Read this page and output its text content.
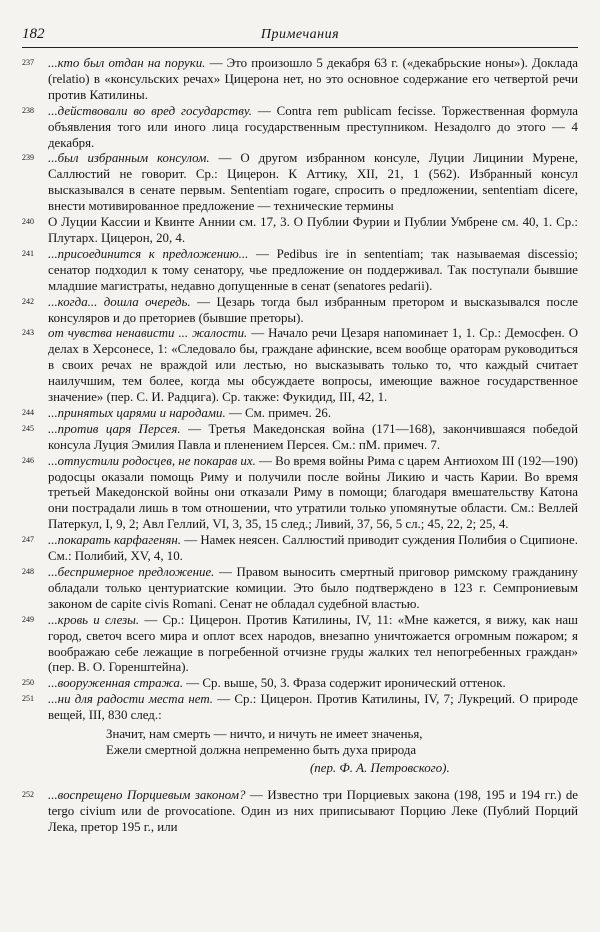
182	Примечания
237	...кто был отдан на поруки. — Это произошло 5 декабря 63 г. («декабрьские ноны»). Доклада (relatio) в «консульских речах» Цицерона нет, но это основное содержание его четвертой речи против Катилины.

238	...действовали во вред государству. — Contra rem publicam fecisse. Торжественная формула объявления того или иного лица государственным преступником. Незадолго до этого — 4 декабря.

239	...был избранным консулом. — О другом избранном консуле, Луции Лицинии Мурене, Саллюстий не говорит. Ср.: Цицерон. К Аттику, XII, 21, 1 (562). Избранный консул высказывался в сенате первым. Sententiam rogare, спросить о предложении, sententiam dicere, внести мотивированное предложение — технические термины

240	О Луции Кассии и Квинте Аннии см. 17, 3. О Публии Фурии и Публии Умбрене см. 40, 1. Ср.: Плутарх. Цицерон, 20, 4.

241	...присоединится к предложению... — Pedibus ire in sententiam; так называемая discessio; сенатор подходил к тому сенатору, чье предложение он поддерживал. Так поступали бывшие младшие магистраты, недавно допущенные в сенат (senatores pedarii).

242	...когда... дошла очередь. — Цезарь тогда был избранным претором и высказывался после консуляров и до преториев (бывшие преторы).

243	от чувства ненависти ... жалости. — Начало речи Цезаря напоминает 1, 1. Ср.: Демосфен. О делах в Херсонесе, 1: «Следовало бы, граждане афинские, всем вообще ораторам руководиться в своих речах не враждой или лестью, но высказывать только то, что каждый считает наилучшим, тем более, когда мы обсуждаете вопросы, имеющие важное государственное значение» (пер. С. И. Радцига). Ср. также: Фукидид, III, 42, 1.

244	...принятых царями и народами. — См. примеч. 26.

245	...против царя Персея. — Третья Македонская война (171—168), закончившаяся победой консула Луция Эмилия Павла и пленением Персея. См.: пМ. примеч. 7.

246	...отпустили родосцев, не покарав их. — Во время войны Рима с царем Антиохом III (192—190) родосцы оказали помощь Риму и получили после войны Ликию и часть Карии. Во время третьей Македонской войны они отказали Риму в помощи; благодаря вмешательству Катона они пострадали лишь в том отношении, что утратили только упомянутые области. См.: Веллей Патеркул, I, 9, 2; Авл Геллий, VI, 3, 35, 15 след.; Ливий, 37, 56, 5 сл.; 45, 22, 2; 25, 4.

247	...покарать карфагенян. — Намек неясен. Саллюстий приводит суждения Полибия о Сципионе. См.: Полибий, XV, 4, 10.

248	...беспримерное предложение. — Правом выносить смертный приговор римскому гражданину обладали только центуриатские комиции. Это было подтверждено в 123 г. Семпрониевым законом de capite civis Romani. Сенат не обладал судебной властью.

249	...кровь и слезы. — Ср.: Цицерон. Против Катилины, IV, 11: «Мне кажется, я вижу, как наш город, светоч всего мира и оплот всех народов, внезапно уничтожается огромным пожаром; я воображаю себе лежащие в погребенной отчизне груды жалких тел непогребенных граждан» (пер. В. О. Горенштейна).

250	...вооруженная стража. — Ср. выше, 50, 3. Фраза содержит иронический оттенок.

251	...ни для радости места нет. — Ср.: Цицерон. Против Катилины, IV, 7; Лукреций. О природе вещей, III, 830 след.:

Значит, нам смерть — ничто, и ничуть не имеет значенья,
Ежели смертной должна непременно быть духа природа
(пер. Ф. А. Петровского).
252	...воспрещено Порциевым законом? — Известно три Порциевых закона (198, 195 и 194 гг.) de tergo civium или de provocatione. Один из них приписывают Порцию Леке (Публий Порций Лека, претор 195 г., или
